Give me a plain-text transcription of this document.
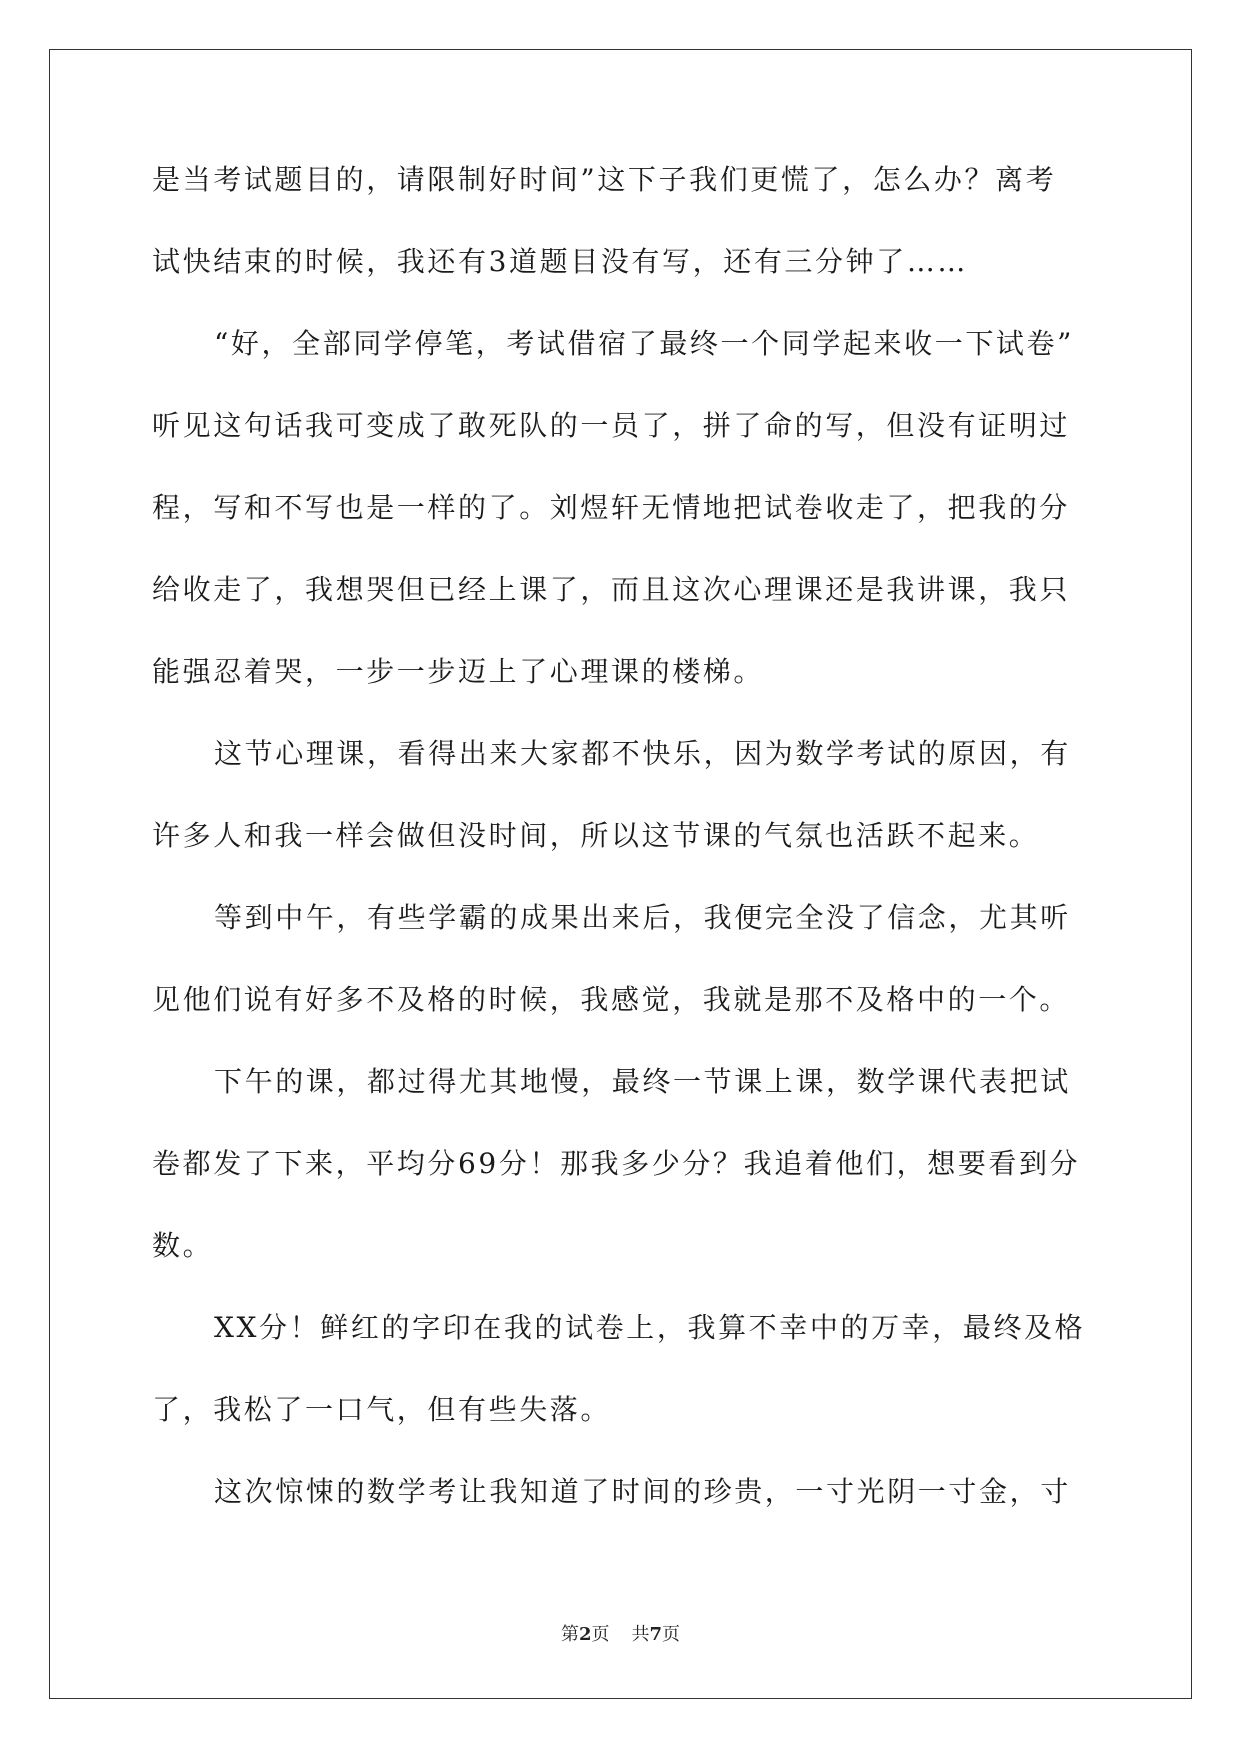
是当考试题目的，请限制好时间”这下子我们更慌了，怎么办？离考
试快结束的时候，我还有3道题目没有写，还有三分钟了……
“好，全部同学停笔，考试借宿了最终一个同学起来收一下试卷”
听见这句话我可变成了敢死队的一员了，拼了命的写，但没有证明过
程，写和不写也是一样的了。刘煜轩无情地把试卷收走了，把我的分
给收走了，我想哭但已经上课了，而且这次心理课还是我讲课，我只
能强忍着哭，一步一步迈上了心理课的楼梯。
这节心理课，看得出来大家都不快乐，因为数学考试的原因，有
许多人和我一样会做但没时间，所以这节课的气氛也活跃不起来。
等到中午，有些学霸的成果出来后，我便完全没了信念，尤其听
见他们说有好多不及格的时候，我感觉，我就是那不及格中的一个。
下午的课，都过得尤其地慢，最终一节课上课，数学课代表把试
卷都发了下来，平均分69分！那我多少分？我追着他们，想要看到分
数。
XX分！鲜红的字印在我的试卷上，我算不幸中的万幸，最终及格
了，我松了一口气，但有些失落。
这次惊悚的数学考让我知道了时间的珍贵，一寸光阴一寸金，寸
第2页 共7页
